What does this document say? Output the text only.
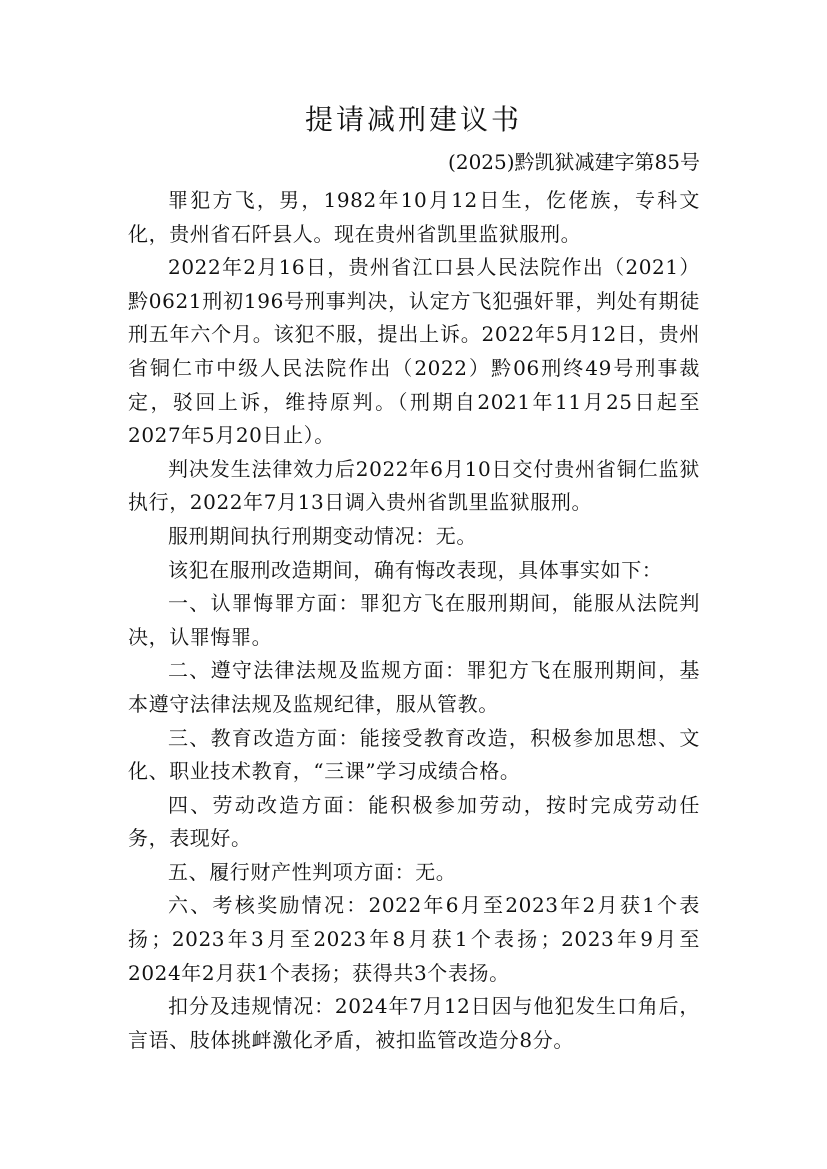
提请减刑建议书

(2025)黔凯狱减建字第85号

罪犯方飞，男，1982年10月12日生，仡佬族，专科文化，贵州省石阡县人。现在贵州省凯里监狱服刑。

2022年2月16日，贵州省江口县人民法院作出（2021）黔0621刑初196号刑事判决，认定方飞犯强奸罪，判处有期徒刑五年六个月。该犯不服，提出上诉。2022年5月12日，贵州省铜仁市中级人民法院作出（2022）黔06刑终49号刑事裁定，驳回上诉，维持原判。（刑期自2021年11月25日起至2027年5月20日止）。

判决发生法律效力后2022年6月10日交付贵州省铜仁监狱执行，2022年7月13日调入贵州省凯里监狱服刑。

服刑期间执行刑期变动情况：无。

该犯在服刑改造期间，确有悔改表现，具体事实如下：

一、认罪悔罪方面：罪犯方飞在服刑期间，能服从法院判决，认罪悔罪。

二、遵守法律法规及监规方面：罪犯方飞在服刑期间，基本遵守法律法规及监规纪律，服从管教。

三、教育改造方面：能接受教育改造，积极参加思想、文化、职业技术教育，“三课”学习成绩合格。

四、劳动改造方面：能积极参加劳动，按时完成劳动任务，表现好。

五、履行财产性判项方面：无。

六、考核奖励情况：2022年6月至2023年2月获1个表扬；2023年3月至2023年8月获1个表扬；2023年9月至2024年2月获1个表扬；获得共3个表扬。

扣分及违规情况：2024年7月12日因与他犯发生口角后，言语、肢体挑衅激化矛盾，被扣监管改造分8分。
